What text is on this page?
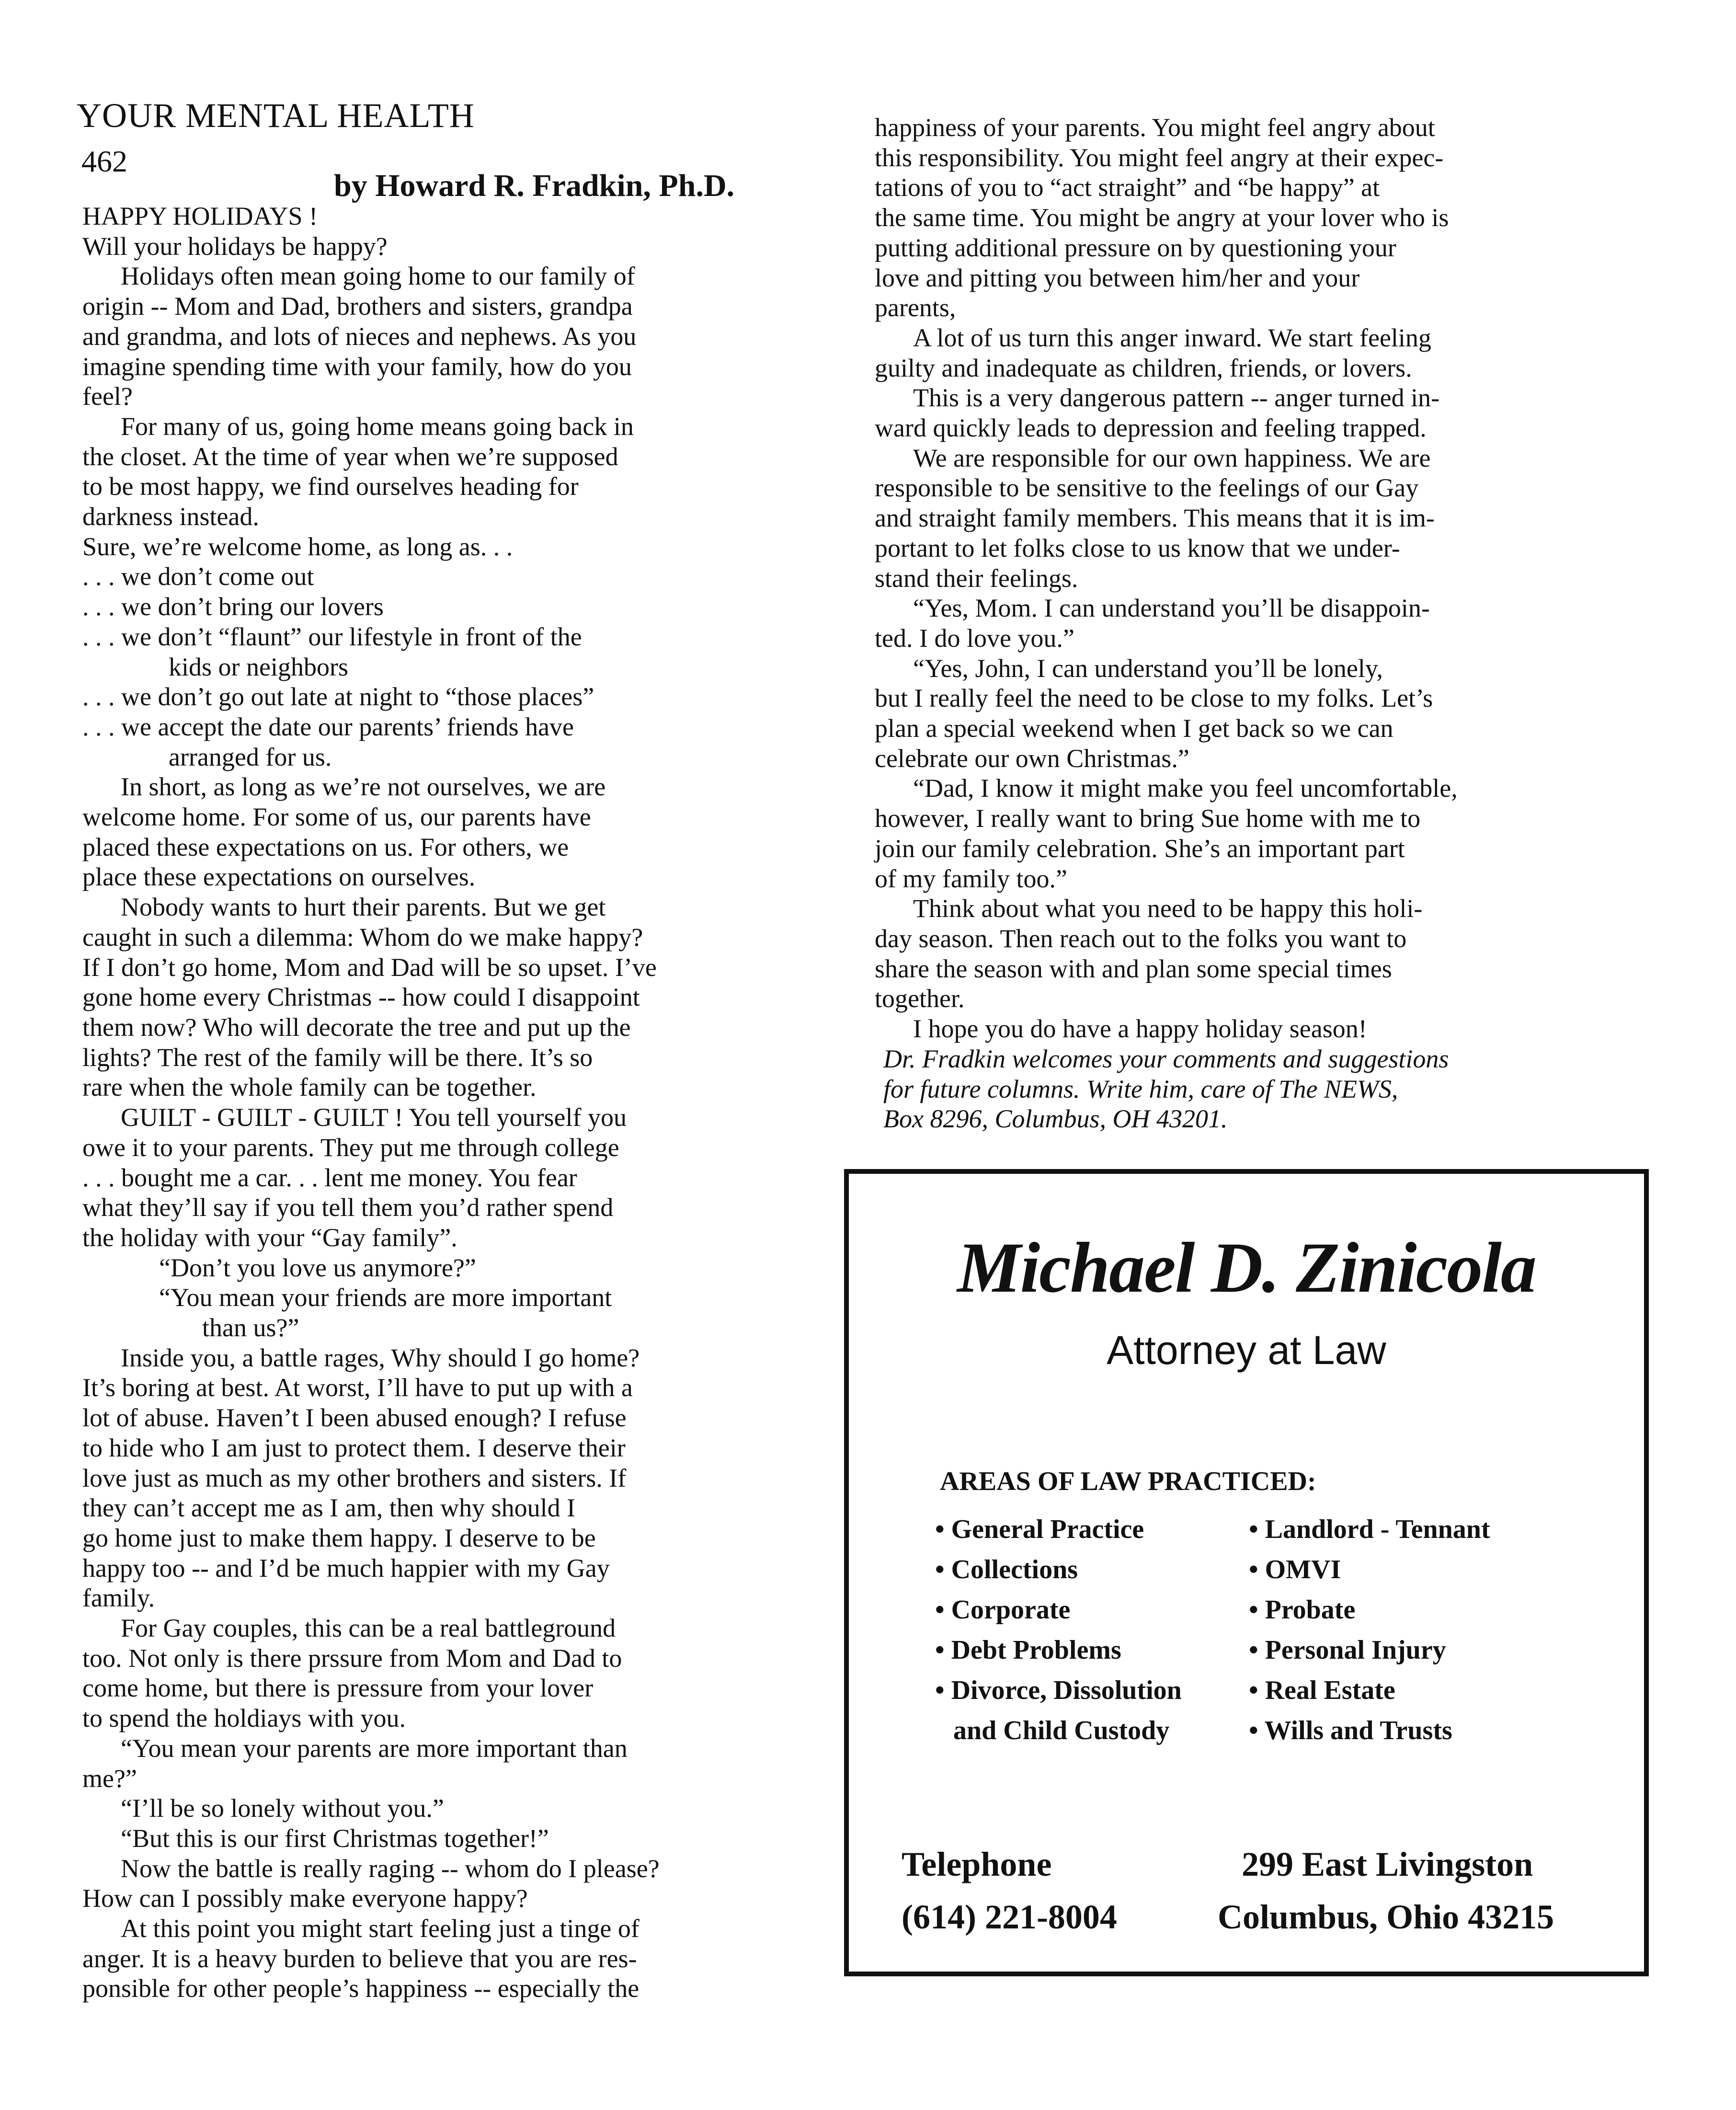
YOUR MENTAL HEALTH
462
by Howard R. Fradkin, Ph.D.
HAPPY HOLIDAYS !
Will your holidays be happy?
Holidays often mean going home to our family of
origin -- Mom and Dad, brothers and sisters, grandpa
and grandma, and lots of nieces and nephews. As you
imagine spending time with your family, how do you
feel?
For many of us, going home means going back in
the closet. At the time of year when we’re supposed
to be most happy, we find ourselves heading for
darkness instead.
Sure, we’re welcome home, as long as. . .
. . . we don’t come out
. . . we don’t bring our lovers
. . . we don’t “flaunt” our lifestyle in front of the
kids or neighbors
. . . we don’t go out late at night to “those places”
. . . we accept the date our parents’ friends have
arranged for us.
In short, as long as we’re not ourselves, we are
welcome home. For some of us, our parents have
placed these expectations on us. For others, we
place these expectations on ourselves.
Nobody wants to hurt their parents. But we get
caught in such a dilemma: Whom do we make happy?
If I don’t go home, Mom and Dad will be so upset. I’ve
gone home every Christmas -- how could I disappoint
them now? Who will decorate the tree and put up the
lights? The rest of the family will be there. It’s so
rare when the whole family can be together.
GUILT - GUILT - GUILT ! You tell yourself you
owe it to your parents. They put me through college
. . . bought me a car. . . lent me money. You fear
what they’ll say if you tell them you’d rather spend
the holiday with your “Gay family”.
“Don’t you love us anymore?”
“You mean your friends are more important
than us?”
Inside you, a battle rages, Why should I go home?
It’s boring at best. At worst, I’ll have to put up with a
lot of abuse. Haven’t I been abused enough? I refuse
to hide who I am just to protect them. I deserve their
love just as much as my other brothers and sisters. If
they can’t accept me as I am, then why should I
go home just to make them happy. I deserve to be
happy too -- and I’d be much happier with my Gay
family.
For Gay couples, this can be a real battleground
too. Not only is there prssure from Mom and Dad to
come home, but there is pressure from your lover
to spend the holdiays with you.
“You mean your parents are more important than
me?”
“I’ll be so lonely without you.”
“But this is our first Christmas together!”
Now the battle is really raging -- whom do I please?
How can I possibly make everyone happy?
At this point you might start feeling just a tinge of
anger. It is a heavy burden to believe that you are res-
ponsible for other people’s happiness -- especially the
happiness of your parents. You might feel angry about
this responsibility. You might feel angry at their expec-
tations of you to “act straight” and “be happy” at
the same time. You might be angry at your lover who is
putting additional pressure on by questioning your
love and pitting you between him/her and your
parents,
A lot of us turn this anger inward. We start feeling
guilty and inadequate as children, friends, or lovers.
This is a very dangerous pattern -- anger turned in-
ward quickly leads to depression and feeling trapped.
We are responsible for our own happiness. We are
responsible to be sensitive to the feelings of our Gay
and straight family members. This means that it is im-
portant to let folks close to us know that we under-
stand their feelings.
“Yes, Mom. I can understand you’ll be disappoin-
ted. I do love you.”
“Yes, John, I can understand you’ll be lonely,
but I really feel the need to be close to my folks. Let’s
plan a special weekend when I get back so we can
celebrate our own Christmas.”
“Dad, I know it might make you feel uncomfortable,
however, I really want to bring Sue home with me to
join our family celebration. She’s an important part
of my family too.”
Think about what you need to be happy this holi-
day season. Then reach out to the folks you want to
share the season with and plan some special times
together.
I hope you do have a happy holiday season!
Dr. Fradkin welcomes your comments and suggestions
for future columns. Write him, care of The NEWS,
Box 8296, Columbus, OH 43201.
Michael D. Zinicola
Attorney at Law
AREAS OF LAW PRACTICED:
• General Practice
• Collections
• Corporate
• Debt Problems
• Divorce, Dissolution
and Child Custody
• Landlord - Tennant
• OMVI
• Probate
• Personal Injury
• Real Estate
• Wills and Trusts
Telephone
(614) 221-8004
299 East Livingston
Columbus, Ohio 43215
